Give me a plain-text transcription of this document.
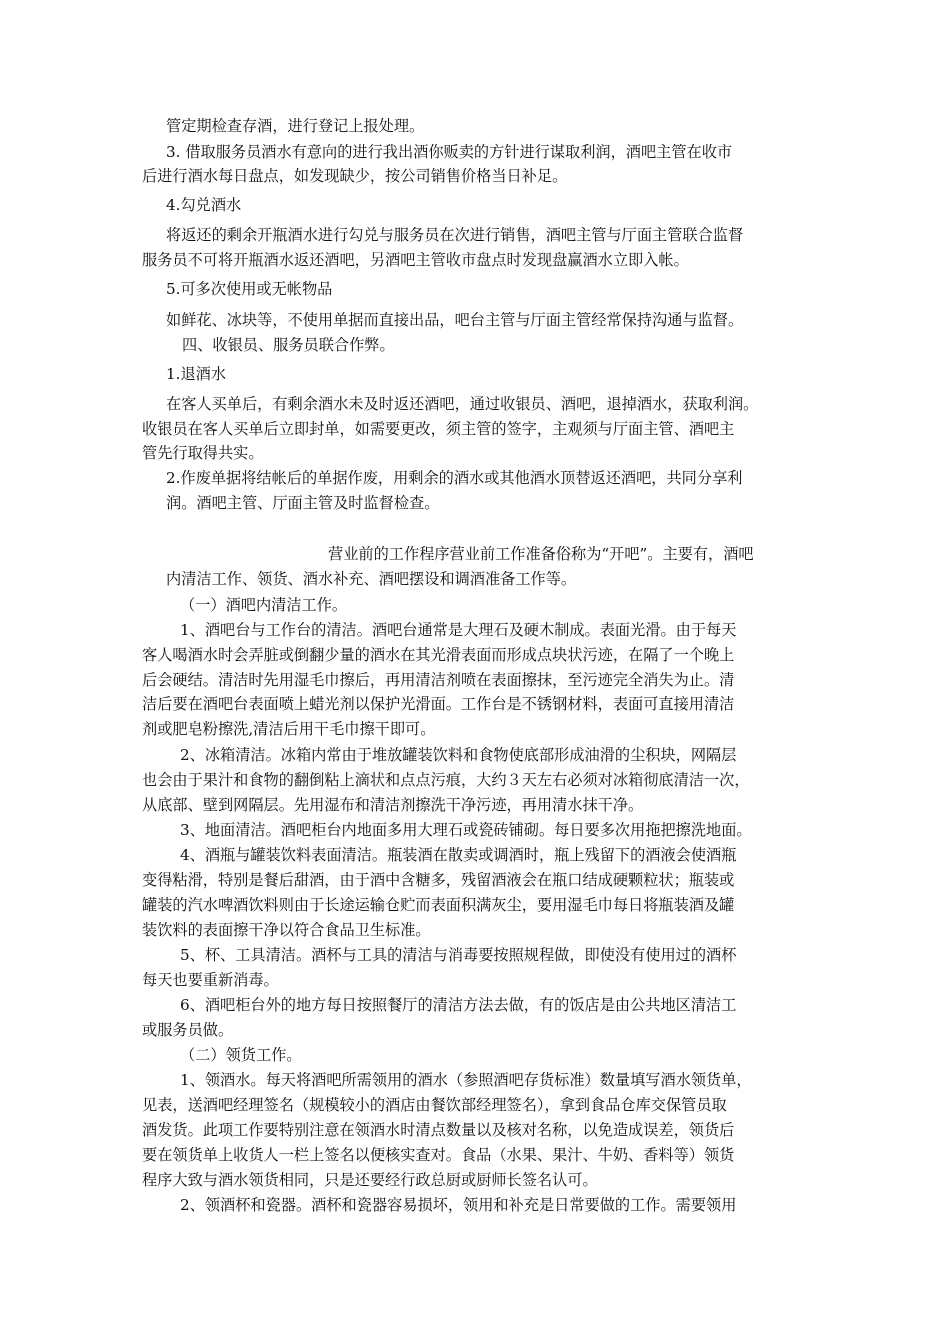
管定期检查存酒，进行登记上报处理。
3. 借取服务员酒水有意向的进行我出酒你贩卖的方针进行谋取利润，酒吧主管在收市
后进行酒水每日盘点，如发现缺少，按公司销售价格当日补足。
4.勾兑酒水
将返还的剩余开瓶酒水进行勾兑与服务员在次进行销售，酒吧主管与厅面主管联合监督
服务员不可将开瓶酒水返还酒吧，另酒吧主管收市盘点时发现盘赢酒水立即入帐。
5.可多次使用或无帐物品
如鲜花、冰块等，不使用单据而直接出品，吧台主管与厅面主管经常保持沟通与监督。
四、收银员、服务员联合作弊。
1.退酒水
在客人买单后，有剩余酒水未及时返还酒吧，通过收银员、酒吧，退掉酒水，获取利润。
收银员在客人买单后立即封单，如需要更改，须主管的签字，主观须与厅面主管、酒吧主
管先行取得共实。
2.作废单据将结帐后的单据作废，用剩余的酒水或其他酒水顶替返还酒吧，共同分享利
润。酒吧主管、厅面主管及时监督检查。
营业前的工作程序营业前工作准备俗称为“开吧”。主要有，酒吧
内清洁工作、领货、酒水补充、酒吧摆设和调酒准备工作等。
（一）酒吧内清洁工作。
1、酒吧台与工作台的清洁。酒吧台通常是大理石及硬木制成。表面光滑。由于每天
客人喝酒水时会弄脏或倒翻少量的酒水在其光滑表面而形成点块状污迹，在隔了一个晚上
后会硬结。清洁时先用湿毛巾擦后，再用清洁剂喷在表面擦抹，至污迹完全消失为止。清
洁后要在酒吧台表面喷上蜡光剂以保护光滑面。工作台是不锈钢材料，表面可直接用清洁
剂或肥皂粉擦洗,清洁后用干毛巾擦干即可。
2、冰箱清洁。冰箱内常由于堆放罐装饮料和食物使底部形成油滑的尘积块，网隔层
也会由于果汁和食物的翻倒粘上滴状和点点污痕，大约３天左右必须对冰箱彻底清洁一次，
从底部、壁到网隔层。先用湿布和清洁剂擦洗干净污迹，再用清水抹干净。
3、地面清洁。酒吧柜台内地面多用大理石或瓷砖铺砌。每日要多次用拖把擦洗地面。
4、酒瓶与罐装饮料表面清洁。瓶装酒在散卖或调酒时，瓶上残留下的酒液会使酒瓶
变得粘滑，特别是餐后甜酒，由于酒中含糖多，残留酒液会在瓶口结成硬颗粒状；瓶装或
罐装的汽水啤酒饮料则由于长途运输仓贮而表面积满灰尘，要用湿毛巾每日将瓶装酒及罐
装饮料的表面擦干净以符合食品卫生标准。
5、杯、工具清洁。酒杯与工具的清洁与消毒要按照规程做，即使没有使用过的酒杯
每天也要重新消毒。
6、酒吧柜台外的地方每日按照餐厅的清洁方法去做，有的饭店是由公共地区清洁工
或服务员做。
（二）领货工作。
1、领酒水。每天将酒吧所需领用的酒水（参照酒吧存货标准）数量填写酒水领货单，
见表，送酒吧经理签名（规模较小的酒店由餐饮部经理签名），拿到食品仓库交保管员取
酒发货。此项工作要特别注意在领酒水时清点数量以及核对名称，以免造成误差，领货后
要在领货单上收货人一栏上签名以便核实查对。食品（水果、果汁、牛奶、香料等）领货
程序大致与酒水领货相同，只是还要经行政总厨或厨师长签名认可。
2、领酒杯和瓷器。酒杯和瓷器容易损坏，领用和补充是日常要做的工作。需要领用
